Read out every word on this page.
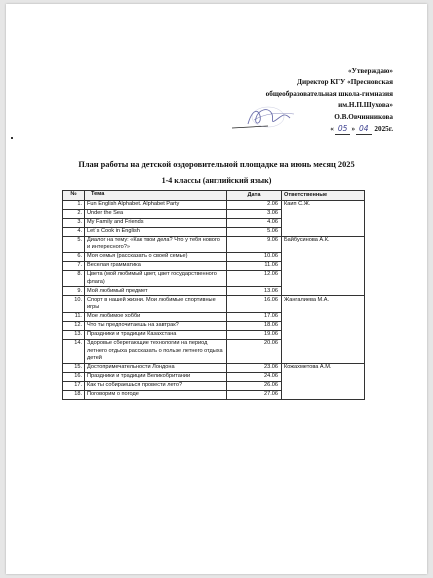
«Утверждаю»
Директор КГУ «Пресновская
общеобразовательная школа-гимназия
им.Н.П.Шухова»
О.В.Овчинникова
« 05 » 04 2025г.
План работы на детской оздоровительной площадке на июнь месяц 2025
1-4 классы (английский язык)
№	Тема	Дата	Ответственные
1.	Fun English Alphabet. Alphabet Party	2.06	Каип С.Ж.
2.	Under the Sea	3.06	
3.	My Family and Friends	4.06	
4.	Let`s Cook in English	5.06	
5.	Диалог на тему: «Как твои дела? Что у тебя нового и интересного?»	9.06	Байбусинова А.К.
6.	Моя семья (рассказать о своей семье)	10.06	
7.	Веселая грамматика	11.06	
8.	Цвета (мой любимый цвет, цвет государственного флага)	12.06	
9.	Мой любимый предмет	13.06	
10.	Спорт в нашей жизни. Мои любимые спортивные игры	16.06	Жангалиева М.А.
11.	Мое любимое хобби	17.06	
12.	Что ты предпочитаешь на завтрак?	18.06	
13.	Праздники и традиции Казахстана	19.06	
14.	Здоровье сберегающие технологии на период летнего отдыха рассказать о пользе летнего отдыха детей	20.06	
15.	Достопримечательности Лондона	23.06	Кожахметова А.М.
16.	Праздники и традиции Великобритании	24.06	
17.	Как ты собираешься провести лето?	26.06	
18.	Поговорим о погоде	27.06	
